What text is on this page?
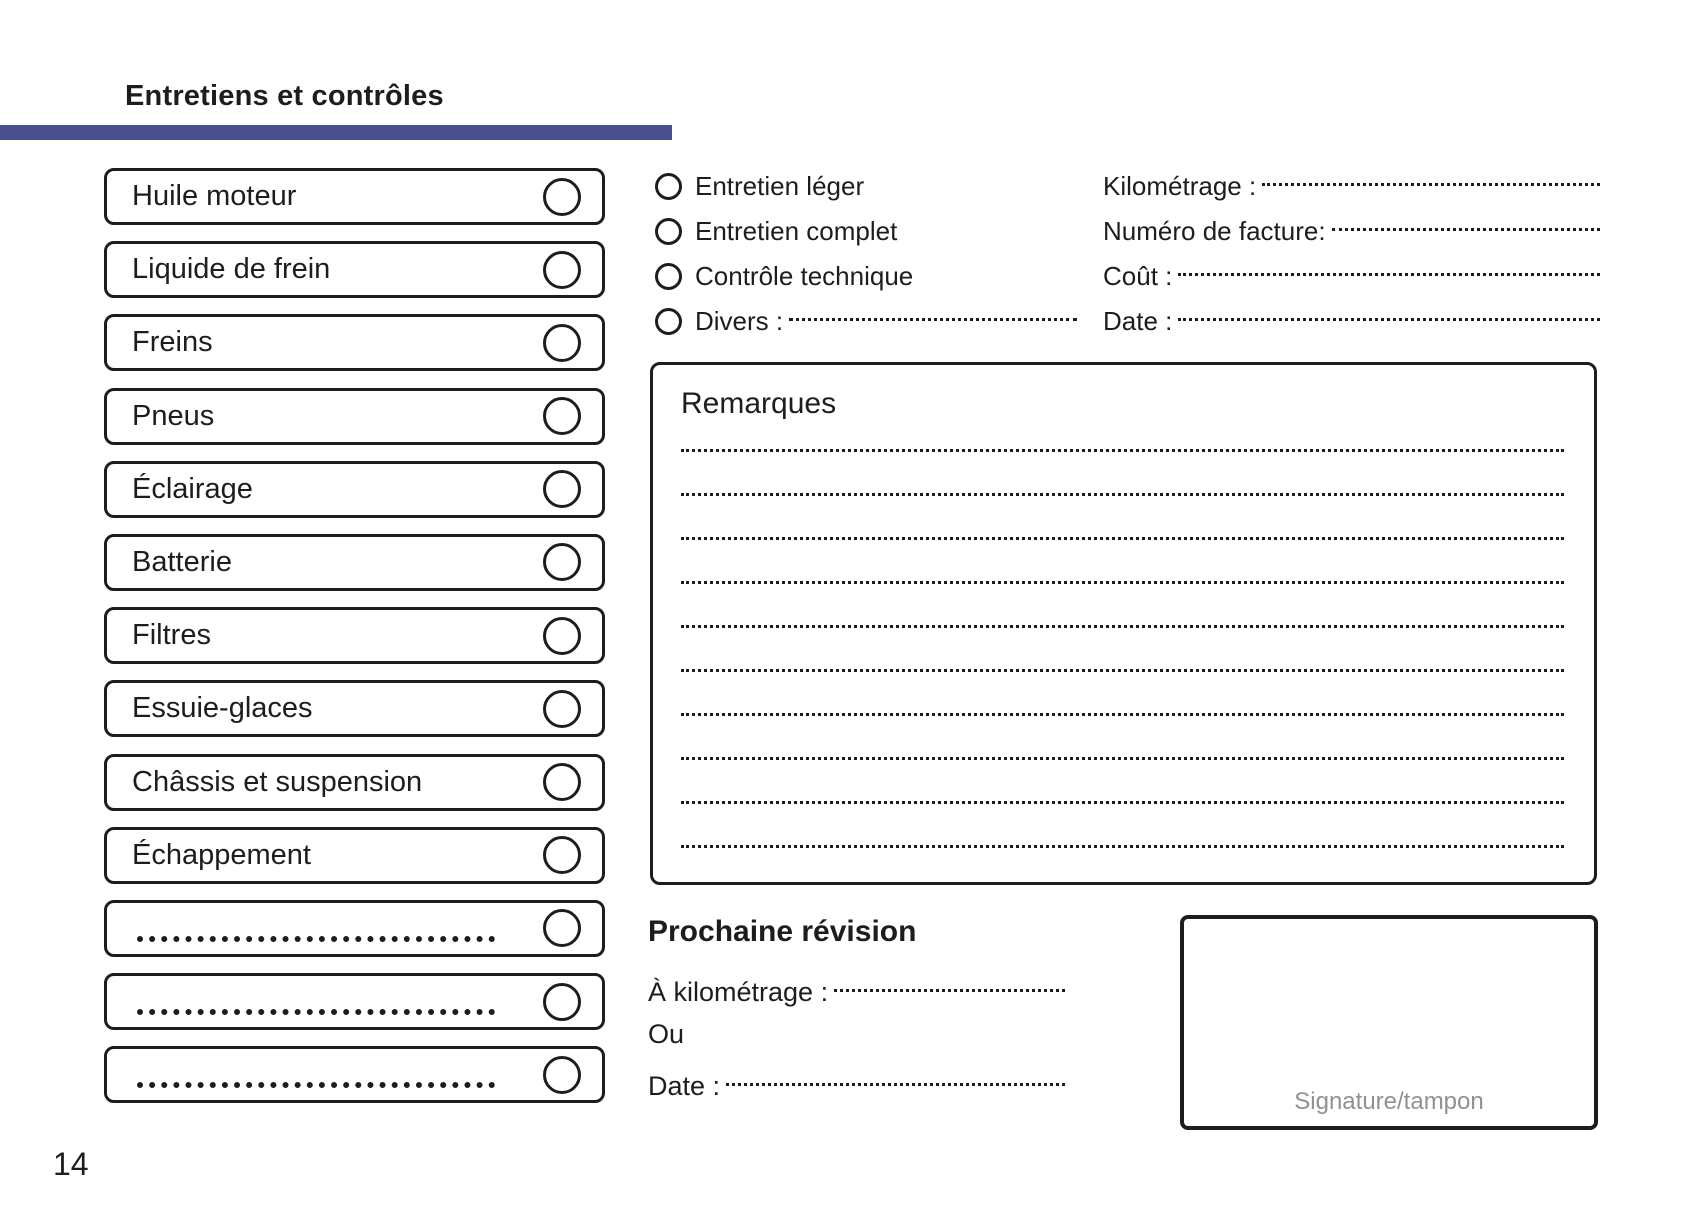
Entretiens et contrôles
Huile moteur
Liquide de frein
Freins
Pneus
Éclairage
Batterie
Filtres
Essuie-glaces
Châssis et suspension
Échappement
Entretien léger
Entretien complet
Contrôle technique
Divers :
Kilométrage :
Numéro de facture:
Coût :
Date :
Remarques
Prochaine révision
À kilométrage :
Ou
Date :
Signature/tampon
14
